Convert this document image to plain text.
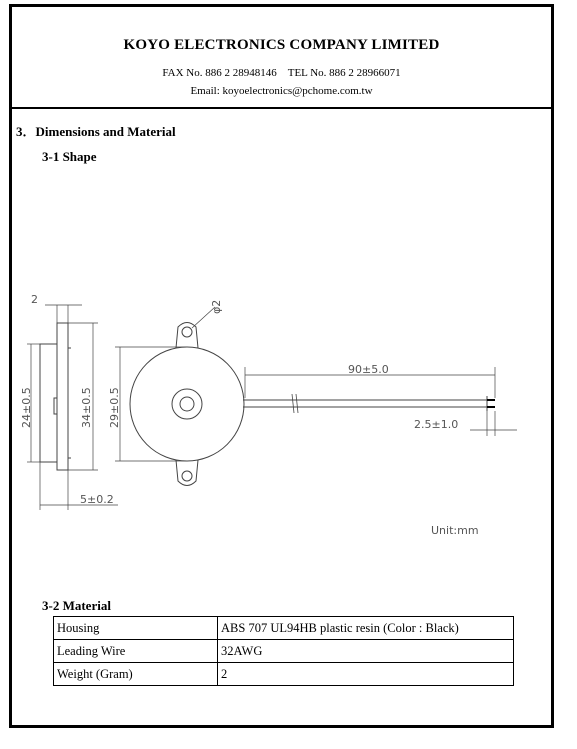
KOYO ELECTRONICS COMPANY LIMITED
FAX No. 886 2 28948146 TEL No. 886 2 28966071
Email: koyoelectronics@pchome.com.tw
3．Dimensions and Material
3-1 Shape
2
φ2
24±0.5	34±0.5 29±0.5
90±5.0
2.5±1.0
5±0.2
Unit:mm
3-2 Material
Housing	ABS 707 UL94HB plastic resin (Color : Black)
Leading Wire	32AWG
Weight (Gram)	2
